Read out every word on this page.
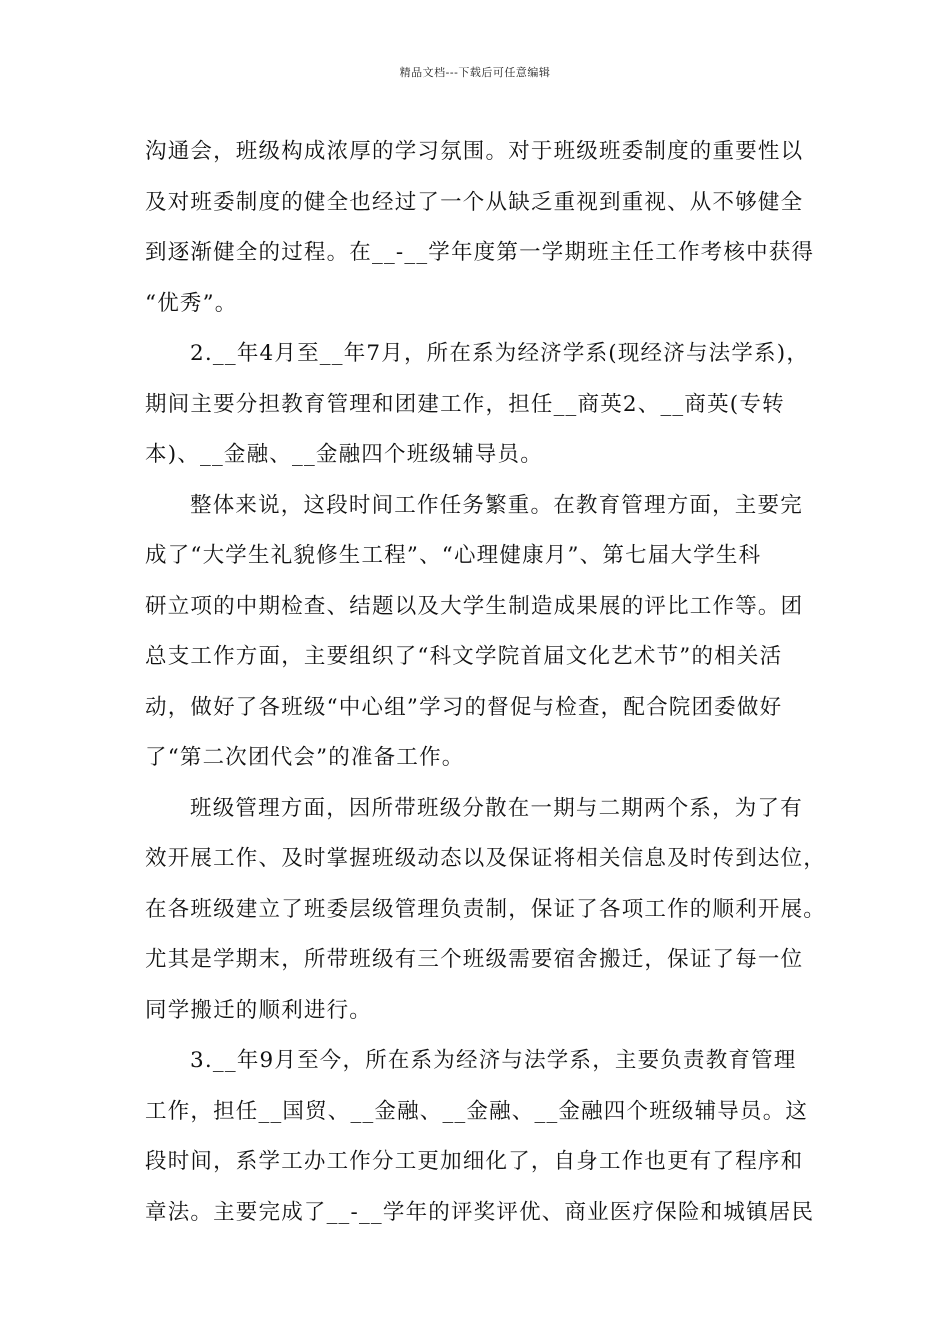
精品文档---下载后可任意编辑
沟通会，班级构成浓厚的学习氛围。对于班级班委制度的重要性以
及对班委制度的健全也经过了一个从缺乏重视到重视、从不够健全
到逐渐健全的过程。在__-__学年度第一学期班主任工作考核中获得
“优秀”。
2.__年4月至__年7月，所在系为经济学系(现经济与法学系)，
期间主要分担教育管理和团建工作，担任__商英2、__商英(专转
本)、__金融、__金融四个班级辅导员。
整体来说，这段时间工作任务繁重。在教育管理方面，主要完
成了“大学生礼貌修生工程”、“心理健康月”、第七届大学生科
研立项的中期检查、结题以及大学生制造成果展的评比工作等。团
总支工作方面，主要组织了“科文学院首届文化艺术节”的相关活
动，做好了各班级“中心组”学习的督促与检查，配合院团委做好
了“第二次团代会”的准备工作。
班级管理方面，因所带班级分散在一期与二期两个系，为了有
效开展工作、及时掌握班级动态以及保证将相关信息及时传到达位，
在各班级建立了班委层级管理负责制，保证了各项工作的顺利开展。
尤其是学期末，所带班级有三个班级需要宿舍搬迁，保证了每一位
同学搬迁的顺利进行。
3.__年9月至今，所在系为经济与法学系，主要负责教育管理
工作，担任__国贸、__金融、__金融、__金融四个班级辅导员。这
段时间，系学工办工作分工更加细化了，自身工作也更有了程序和
章法。主要完成了__-__学年的评奖评优、商业医疗保险和城镇居民
